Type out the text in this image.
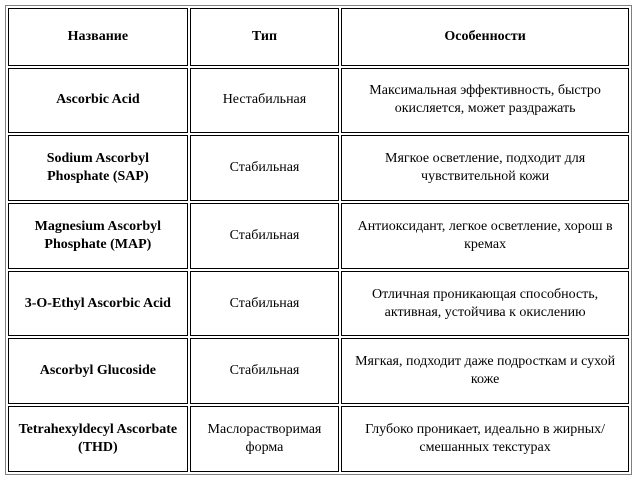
Название	Тип	Особенности
Ascorbic Acid	Нестабильная	Максимальная эффективность, быстро окисляется, может раздражать
Sodium Ascorbyl Phosphate (SAP)	Стабильная	Мягкое осветление, подходит для чувствительной кожи
Magnesium Ascorbyl Phosphate (MAP)	Стабильная	Антиоксидант, легкое осветление, хорош в кремах
3-O-Ethyl Ascorbic Acid	Стабильная	Отличная проникающая способность, активная, устойчива к окислению
Ascorbyl Glucoside	Стабильная	Мягкая, подходит даже подросткам и сухой коже
Tetrahexyldecyl Ascorbate (THD)	Маслорастворимая форма	Глубоко проникает, идеально в жирных/смешанных текстурах
